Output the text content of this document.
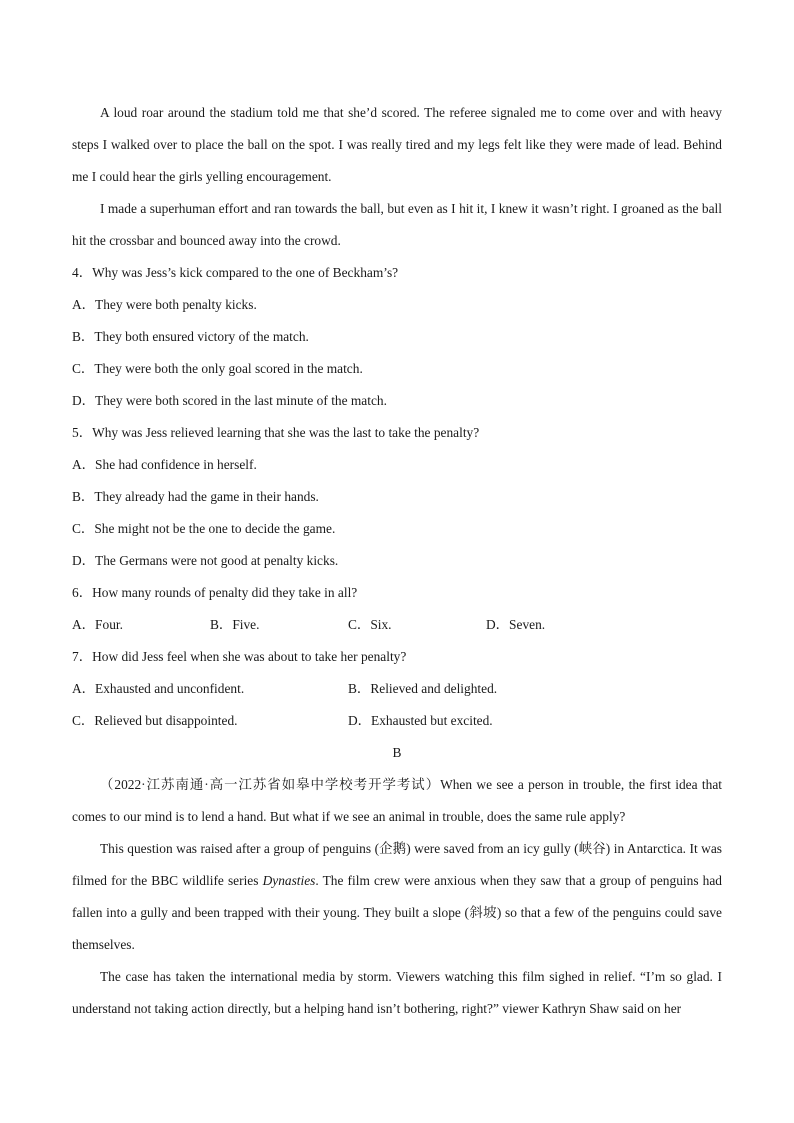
A loud roar around the stadium told me that she’d scored. The referee signaled me to come over and with heavy steps I walked over to place the ball on the spot. I was really tired and my legs felt like they were made of lead. Behind me I could hear the girls yelling encouragement.

I made a superhuman effort and ran towards the ball, but even as I hit it, I knew it wasn’t right. I groaned as the ball hit the crossbar and bounced away into the crowd.

4．Why was Jess’s kick compared to the one of Beckham’s?

A．They were both penalty kicks.

B．They both ensured victory of the match.

C．They were both the only goal scored in the match.

D．They were both scored in the last minute of the match.

5．Why was Jess relieved learning that she was the last to take the penalty?

A．She had confidence in herself.

B．They already had the game in their hands.

C．She might not be the one to decide the game.

D．The Germans were not good at penalty kicks.

6．How many rounds of penalty did they take in all?

A．Four.	B．Five.	C．Six.	D．Seven.

7．How did Jess feel when she was about to take her penalty?

A．Exhausted and unconfident.	B．Relieved and delighted.
C．Relieved but disappointed.	D．Exhausted but excited.

B

（2022·江苏南通·高一江苏省如皋中学校考开学考试）When we see a person in trouble, the first idea that comes to our mind is to lend a hand. But what if we see an animal in trouble, does the same rule apply?

This question was raised after a group of penguins (企鹅) were saved from an icy gully (峡谷) in Antarctica. It was filmed for the BBC wildlife series Dynasties. The film crew were anxious when they saw that a group of penguins had fallen into a gully and been trapped with their young. They built a slope (斜坡) so that a few of the penguins could save themselves.

The case has taken the international media by storm. Viewers watching this film sighed in relief. “I’m so glad. I understand not taking action directly, but a helping hand isn’t bothering, right?” viewer Kathryn Shaw said on her
